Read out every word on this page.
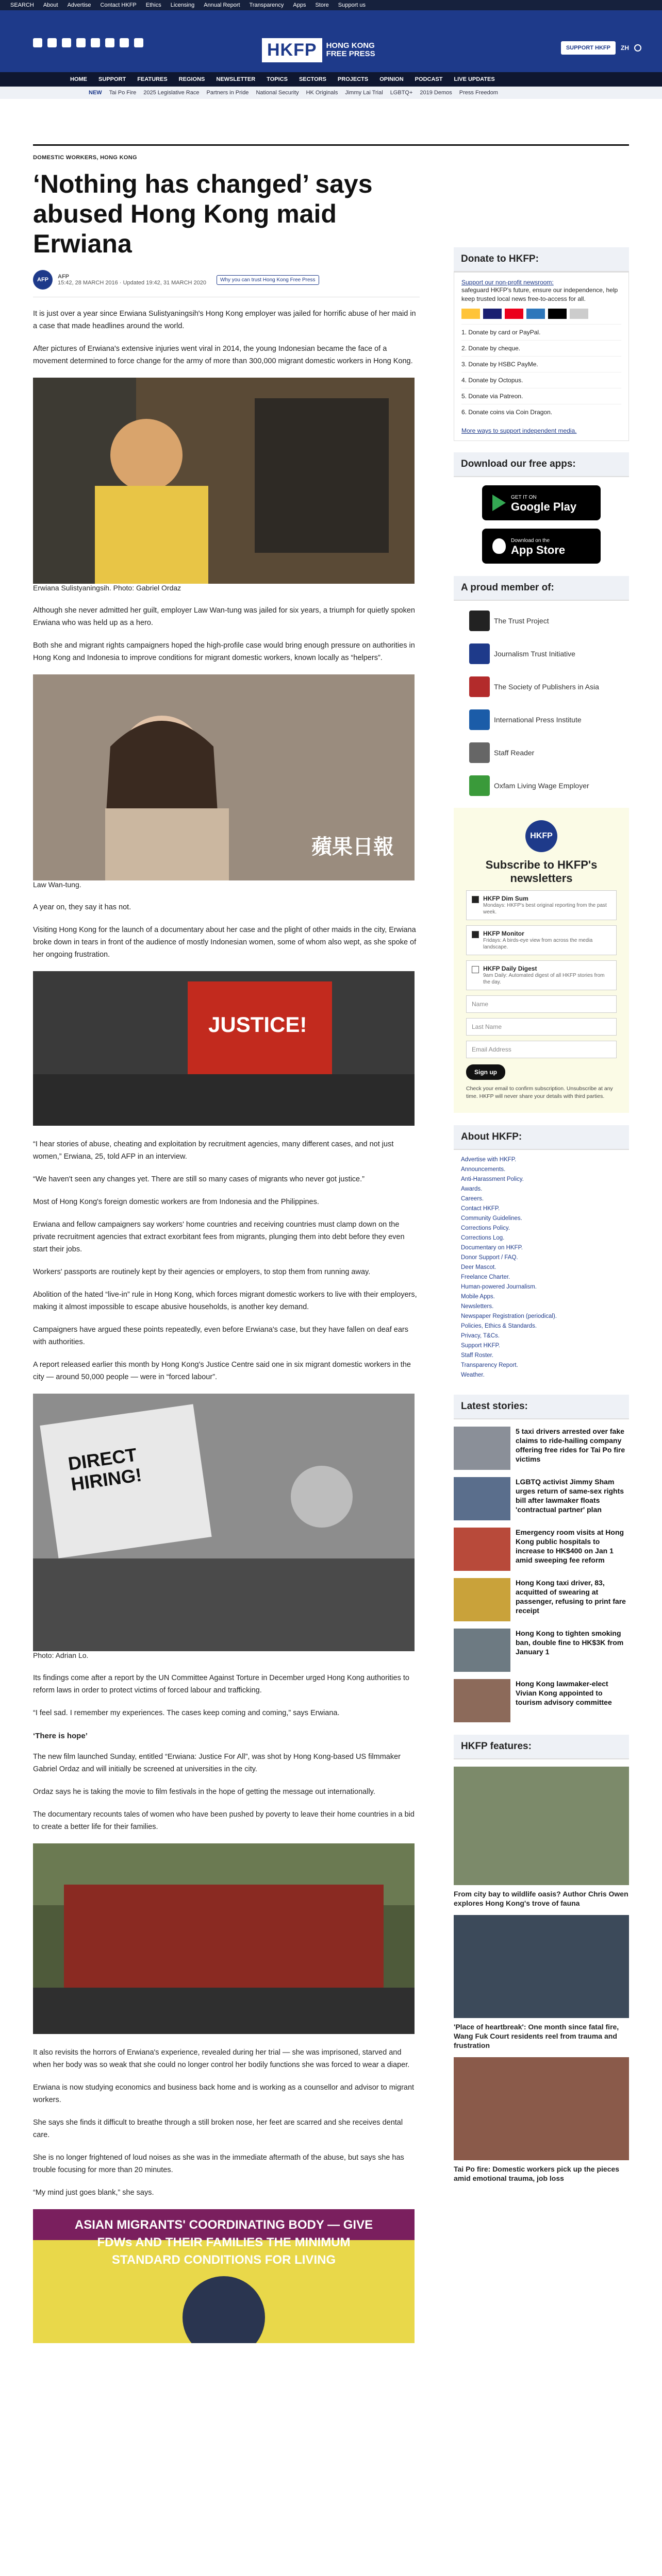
SEARCH About Advertise Contact HKFP Ethics Licensing Annual Report Transparency Apps Store Support us
HKFP	HONG KONG
FREE PRESS
SUPPORT HKFP	ZH
HOME SUPPORT FEATURES REGIONS NEWSLETTER TOPICS SECTORS PROJECTS OPINION PODCAST LIVE UPDATES
NEW Tai Po Fire 2025 Legislative Race Partners in Pride National Security HK Originals Jimmy Lai Trial LGBTQ+ 2019 Demos Press Freedom
DOMESTIC WORKERS, HONG KONG
‘Nothing has changed’ says abused Hong Kong maid Erwiana
AFP	AFP
15:42, 28 MARCH 2016 · Updated 19:42, 31 MARCH 2020	Why you can trust Hong Kong Free Press

It is just over a year since Erwiana Sulistyaningsih's Hong Kong employer was jailed for horrific abuse of her maid in a case that made headlines around the world.

After pictures of Erwiana's extensive injuries went viral in 2014, the young Indonesian became the face of a movement determined to force change for the army of more than 300,000 migrant domestic workers in Hong Kong.

Erwiana Sulistyaningsih. Photo: Gabriel Ordaz

Although she never admitted her guilt, employer Law Wan-tung was jailed for six years, a triumph for quietly spoken Erwiana who was held up as a hero.

Both she and migrant rights campaigners hoped the high-profile case would bring enough pressure on authorities in Hong Kong and Indonesia to improve conditions for migrant domestic workers, known locally as “helpers”.

蘋果日報
Law Wan-tung.

A year on, they say it has not.

Visiting Hong Kong for the launch of a documentary about her case and the plight of other maids in the city, Erwiana broke down in tears in front of the audience of mostly Indonesian women, some of whom also wept, as she spoke of her ongoing frustration.

JUSTICE!

“I hear stories of abuse, cheating and exploitation by recruitment agencies, many different cases, and not just women,” Erwiana, 25, told AFP in an interview.

“We haven't seen any changes yet. There are still so many cases of migrants who never got justice.”

Most of Hong Kong's foreign domestic workers are from Indonesia and the Philippines.

Erwiana and fellow campaigners say workers' home countries and receiving countries must clamp down on the private recruitment agencies that extract exorbitant fees from migrants, plunging them into debt before they even start their jobs.

Workers' passports are routinely kept by their agencies or employers, to stop them from running away.

Abolition of the hated “live-in” rule in Hong Kong, which forces migrant domestic workers to live with their employers, making it almost impossible to escape abusive households, is another key demand.

Campaigners have argued these points repeatedly, even before Erwiana's case, but they have fallen on deaf ears with authorities.

A report released earlier this month by Hong Kong's Justice Centre said one in six migrant domestic workers in the city — around 50,000 people — were in “forced labour”.

DIRECT HIRING!
Photo: Adrian Lo.

Its findings come after a report by the UN Committee Against Torture in December urged Hong Kong authorities to reform laws in order to protect victims of forced labour and trafficking.

“I feel sad. I remember my experiences. The cases keep coming and coming,” says Erwiana.

‘There is hope’

The new film launched Sunday, entitled “Erwiana: Justice For All”, was shot by Hong Kong-based US filmmaker Gabriel Ordaz and will initially be screened at universities in the city.

Ordaz says he is taking the movie to film festivals in the hope of getting the message out internationally.

The documentary recounts tales of women who have been pushed by poverty to leave their home countries in a bid to create a better life for their families.

It also revisits the horrors of Erwiana's experience, revealed during her trial — she was imprisoned, starved and when her body was so weak that she could no longer control her bodily functions she was forced to wear a diaper.

Erwiana is now studying economics and business back home and is working as a counsellor and advisor to migrant workers.

She says she finds it difficult to breathe through a still broken nose, her feet are scarred and she receives dental care.

She is no longer frightened of loud noises as she was in the immediate aftermath of the abuse, but says she has trouble focusing for more than 20 minutes.

“My mind just goes blank,” she says.

ASIAN MIGRANTS' COORDINATING BODY — GIVE FDWs AND THEIR FAMILIES THE MINIMUM STANDARD CONDITIONS FOR LIVING
Donate to HKFP:
Support our non-profit newsroom:
safeguard HKFP's future, ensure our independence, help keep trusted local news free-to-access for all.
1. Donate by card or PayPal.
2. Donate by cheque.
3. Donate by HSBC PayMe.
4. Donate by Octopus.
5. Donate via Patreon.
6. Donate coins via Coin Dragon.
More ways to support independent media.
Download our free apps:
GET IT ON
Google Play
Download on the
App Store
A proud member of:
The Trust Project
Journalism Trust Initiative
The Society of Publishers in Asia
International Press Institute
Staff Reader
Oxfam Living Wage Employer
HKFP
Subscribe to HKFP's newsletters
HKFP Dim Sum
Mondays: HKFP's best original reporting from the past week.
HKFP Monitor
Fridays: A birds-eye view from across the media landscape.
HKFP Daily Digest
9am Daily: Automated digest of all HKFP stories from the day.
Name
Last Name
Email Address
Sign up
Check your email to confirm subscription. Unsubscribe at any time. HKFP will never share your details with third parties.
About HKFP:
Advertise with HKFP.
Announcements.
Anti-Harassment Policy.
Awards.
Careers.
Contact HKFP.
Community Guidelines.
Corrections Policy.
Corrections Log.
Documentary on HKFP.
Donor Support / FAQ.
Deer Mascot.
Freelance Charter.
Human-powered Journalism.
Mobile Apps.
Newsletters.
Newspaper Registration (periodical).
Policies, Ethics & Standards.
Privacy, T&Cs.
Support HKFP.
Staff Roster.
Transparency Report.
Weather.
Latest stories:
5 taxi drivers arrested over fake claims to ride-hailing company offering free rides for Tai Po fire victims
LGBTQ activist Jimmy Sham urges return of same-sex rights bill after lawmaker floats 'contractual partner' plan
Emergency room visits at Hong Kong public hospitals to increase to HK$400 on Jan 1 amid sweeping fee reform
Hong Kong taxi driver, 83, acquitted of swearing at passenger, refusing to print fare receipt
Hong Kong to tighten smoking ban, double fine to HK$3K from January 1
Hong Kong lawmaker-elect Vivian Kong appointed to tourism advisory committee
HKFP features:
From city bay to wildlife oasis? Author Chris Owen explores Hong Kong's trove of fauna
'Place of heartbreak': One month since fatal fire, Wang Fuk Court residents reel from trauma and frustration
Tai Po fire: Domestic workers pick up the pieces amid emotional trauma, job loss
